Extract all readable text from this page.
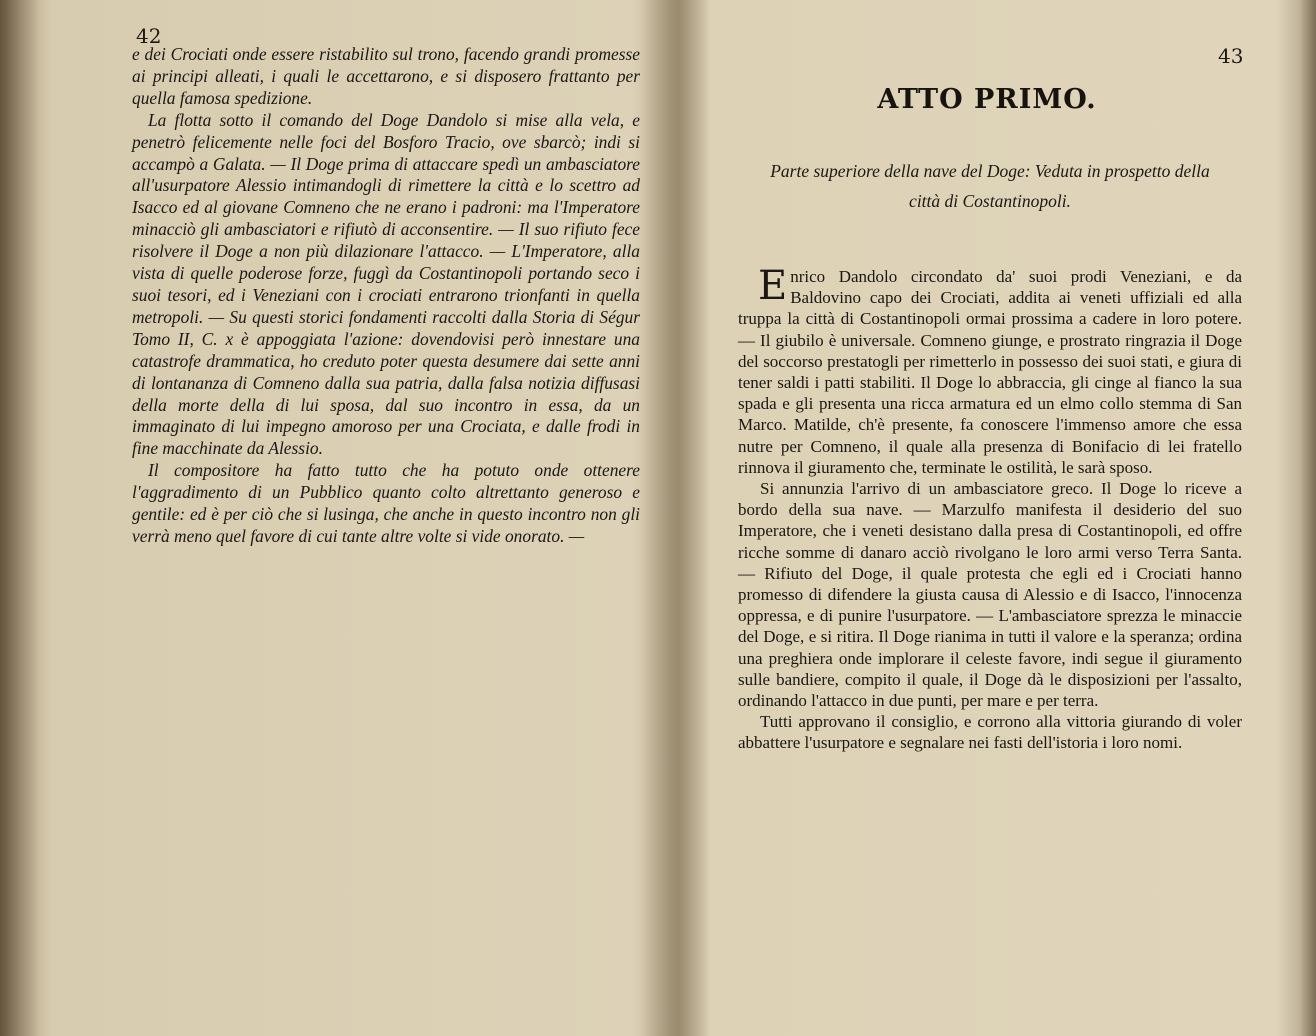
42

e dei Crociati onde essere ristabilito sul trono, facendo grandi promesse ai principi alleati, i quali le accettarono, e si disposero frattanto per quella famosa spedizione.

La flotta sotto il comando del Doge Dandolo si mise alla vela, e penetrò felicemente nelle foci del Bosforo Tracio, ove sbarcò; indi si accampò a Galata. — Il Doge prima di attaccare spedì un ambasciatore all'usurpatore Alessio intimandogli di rimettere la città e lo scettro ad Isacco ed al giovane Comneno che ne erano i padroni: ma l'Imperatore minacciò gli ambasciatori e rifiutò di acconsentire. — Il suo rifiuto fece risolvere il Doge a non più dilazionare l'attacco. — L'Imperatore, alla vista di quelle poderose forze, fuggì da Costantinopoli portando seco i suoi tesori, ed i Veneziani con i crociati entrarono trionfanti in quella metropoli. — Su questi storici fondamenti raccolti dalla Storia di Ségur Tomo II, C. x è appoggiata l'azione: dovendovisi però innestare una catastrofe drammatica, ho creduto poter questa desumere dai sette anni di lontananza di Comneno dalla sua patria, dalla falsa notizia diffusasi della morte della di lui sposa, dal suo incontro in essa, da un immaginato di lui impegno amoroso per una Crociata, e dalle frodi in fine macchinate da Alessio.

Il compositore ha fatto tutto che ha potuto onde ottenere l'aggradimento di un Pubblico quanto colto altrettanto generoso e gentile: ed è per ciò che si lusinga, che anche in questo incontro non gli verrà meno quel favore di cui tante altre volte si vide onorato. —

43
ATTO PRIMO.
Parte superiore della nave del Doge: Veduta in prospetto della città di Costantinopoli.

Enrico Dandolo circondato da' suoi prodi Veneziani, e da Baldovino capo dei Crociati, addita ai veneti uffiziali ed alla truppa la città di Costantinopoli ormai prossima a cadere in loro potere. — Il giubilo è universale. Comneno giunge, e prostrato ringrazia il Doge del soccorso prestatogli per rimetterlo in possesso dei suoi stati, e giura di tener saldi i patti stabiliti. Il Doge lo abbraccia, gli cinge al fianco la sua spada e gli presenta una ricca armatura ed un elmo collo stemma di San Marco. Matilde, ch'è presente, fa conoscere l'immenso amore che essa nutre per Comneno, il quale alla presenza di Bonifacio di lei fratello rinnova il giuramento che, terminate le ostilità, le sarà sposo.

Si annunzia l'arrivo di un ambasciatore greco. Il Doge lo riceve a bordo della sua nave. — Marzulfo manifesta il desiderio del suo Imperatore, che i veneti desistano dalla presa di Costantinopoli, ed offre ricche somme di danaro acciò rivolgano le loro armi verso Terra Santa. — Rifiuto del Doge, il quale protesta che egli ed i Crociati hanno promesso di difendere la giusta causa di Alessio e di Isacco, l'innocenza oppressa, e di punire l'usurpatore. — L'ambasciatore sprezza le minaccie del Doge, e si ritira. Il Doge rianima in tutti il valore e la speranza; ordina una preghiera onde implorare il celeste favore, indi segue il giuramento sulle bandiere, compito il quale, il Doge dà le disposizioni per l'assalto, ordinando l'attacco in due punti, per mare e per terra.

Tutti approvano il consiglio, e corrono alla vittoria giurando di voler abbattere l'usurpatore e segnalare nei fasti dell'istoria i loro nomi.
